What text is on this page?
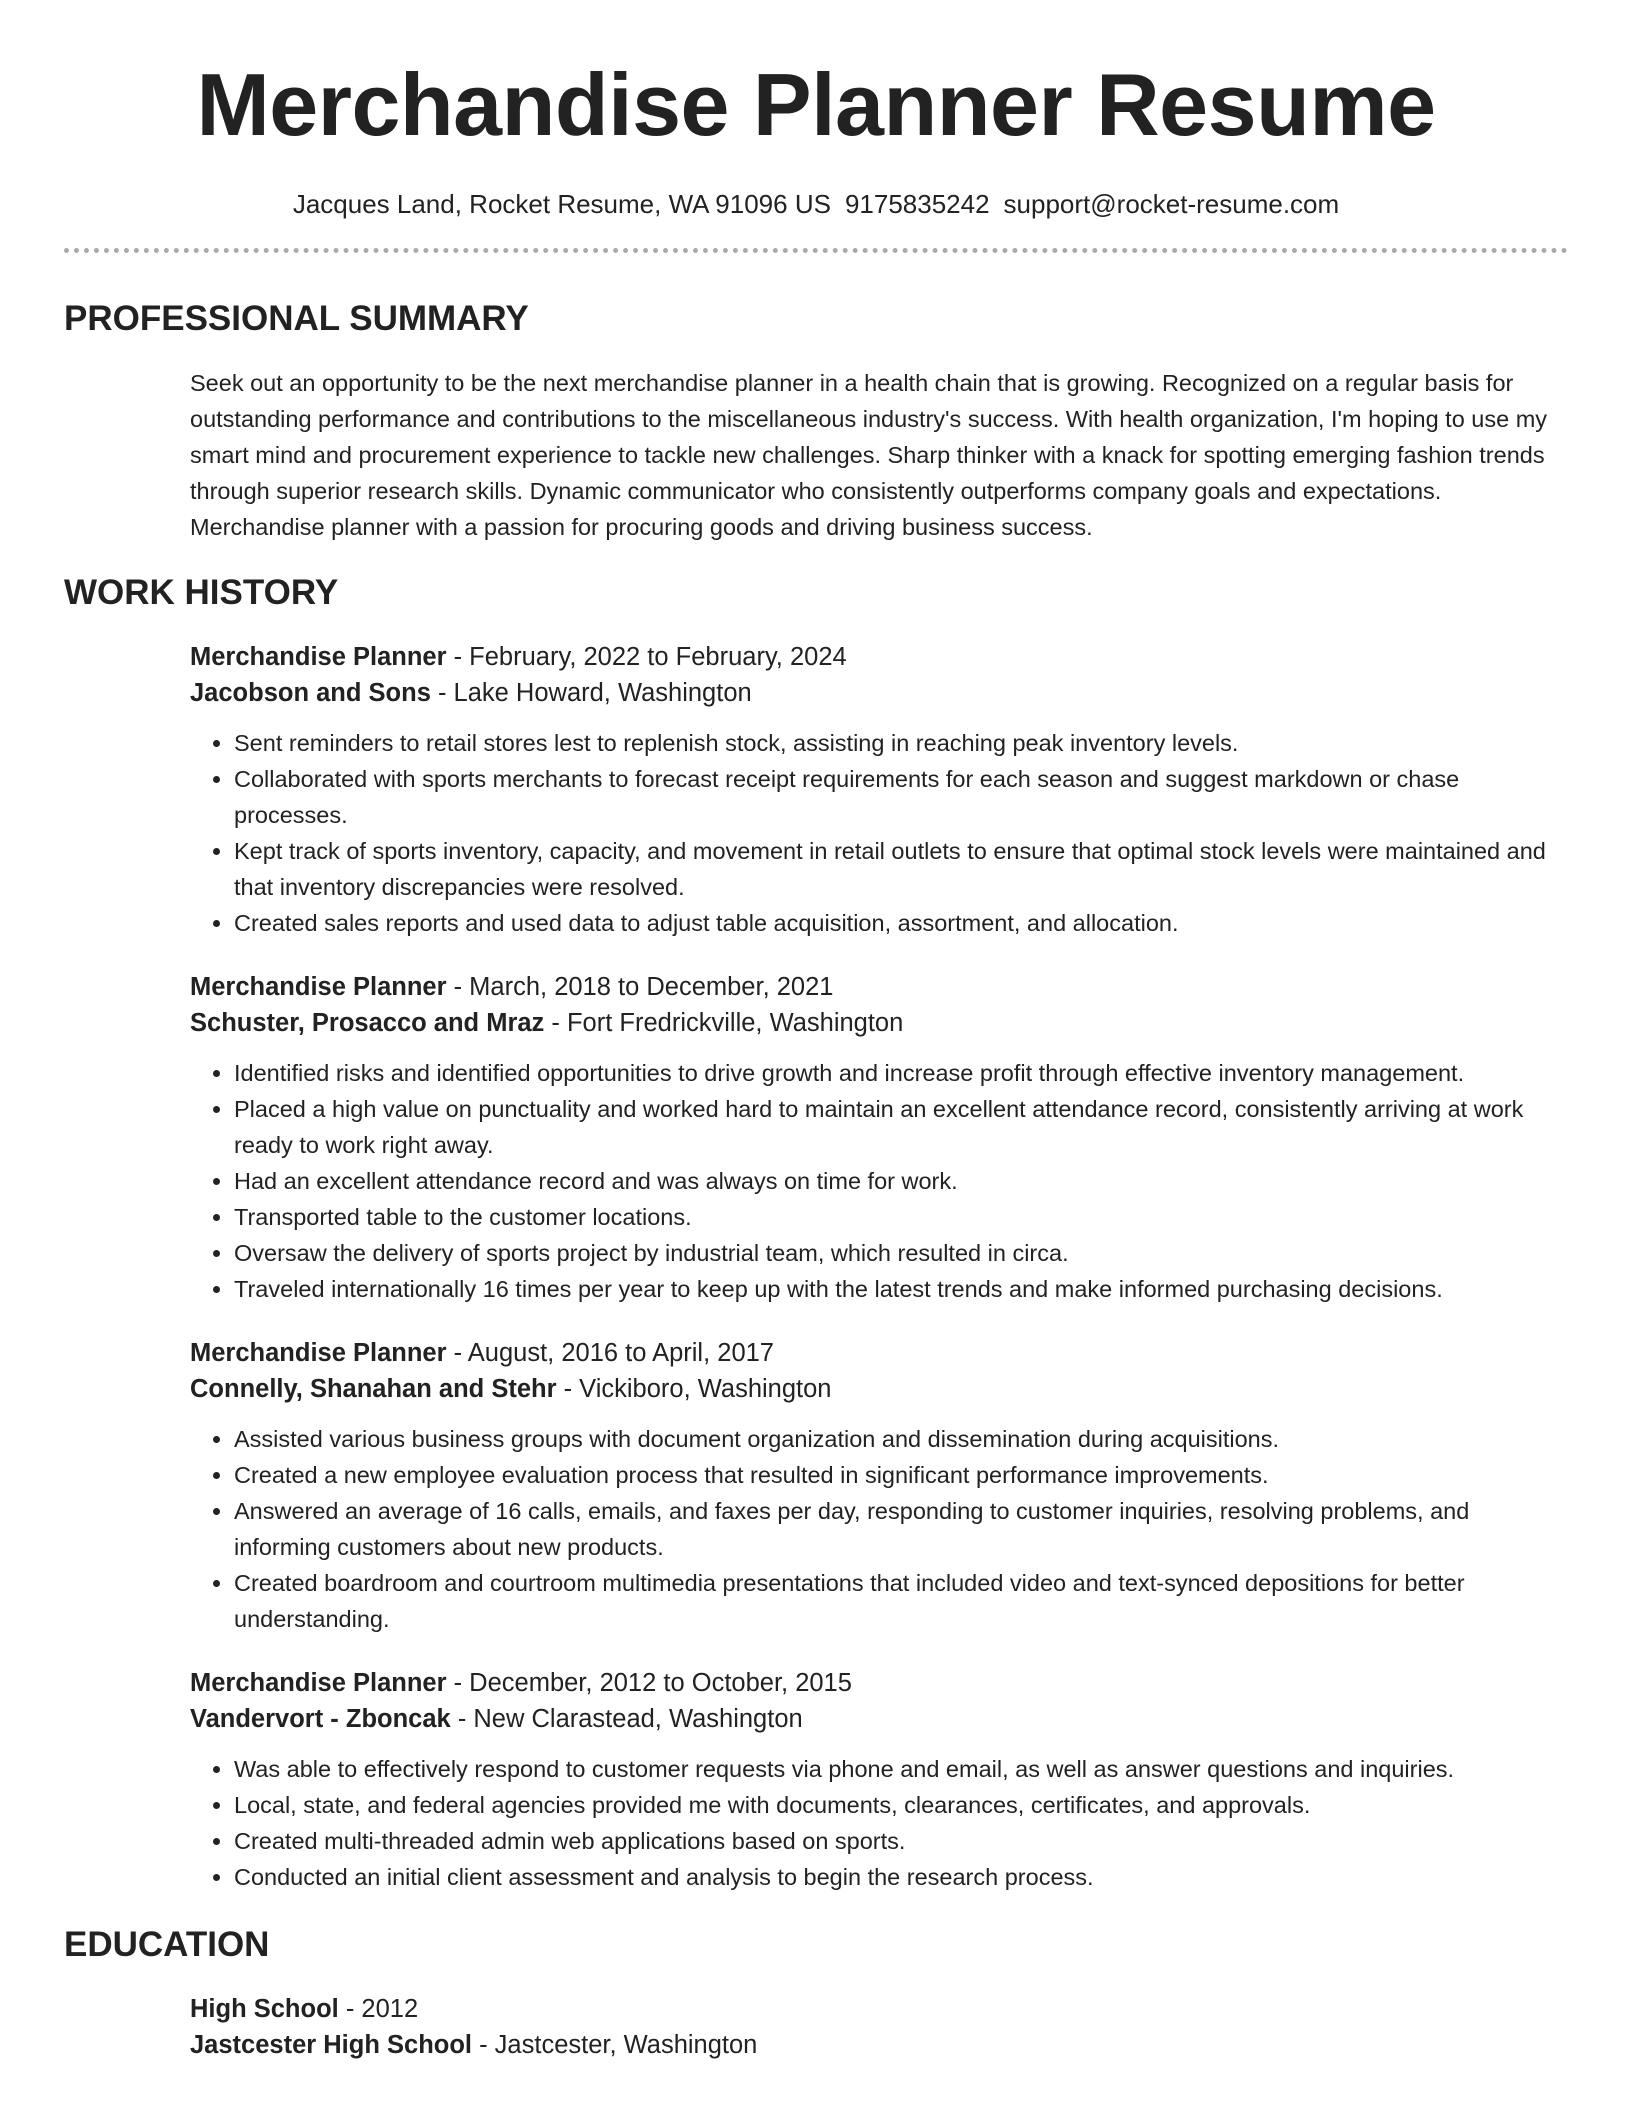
Merchandise Planner Resume
Jacques Land, Rocket Resume, WA 91096 US 9175835242 support@rocket-resume.com
PROFESSIONAL SUMMARY
Seek out an opportunity to be the next merchandise planner in a health chain that is growing. Recognized on a regular basis for outstanding performance and contributions to the miscellaneous industry's success. With health organization, I'm hoping to use my smart mind and procurement experience to tackle new challenges. Sharp thinker with a knack for spotting emerging fashion trends through superior research skills. Dynamic communicator who consistently outperforms company goals and expectations. Merchandise planner with a passion for procuring goods and driving business success.
WORK HISTORY
Merchandise Planner - February, 2022 to February, 2024
Jacobson and Sons - Lake Howard, Washington
• Sent reminders to retail stores lest to replenish stock, assisting in reaching peak inventory levels.
• Collaborated with sports merchants to forecast receipt requirements for each season and suggest markdown or chase processes.
• Kept track of sports inventory, capacity, and movement in retail outlets to ensure that optimal stock levels were maintained and that inventory discrepancies were resolved.
• Created sales reports and used data to adjust table acquisition, assortment, and allocation.
Merchandise Planner - March, 2018 to December, 2021
Schuster, Prosacco and Mraz - Fort Fredrickville, Washington
• Identified risks and identified opportunities to drive growth and increase profit through effective inventory management.
• Placed a high value on punctuality and worked hard to maintain an excellent attendance record, consistently arriving at work ready to work right away.
• Had an excellent attendance record and was always on time for work.
• Transported table to the customer locations.
• Oversaw the delivery of sports project by industrial team, which resulted in circa.
• Traveled internationally 16 times per year to keep up with the latest trends and make informed purchasing decisions.
Merchandise Planner - August, 2016 to April, 2017
Connelly, Shanahan and Stehr - Vickiboro, Washington
• Assisted various business groups with document organization and dissemination during acquisitions.
• Created a new employee evaluation process that resulted in significant performance improvements.
• Answered an average of 16 calls, emails, and faxes per day, responding to customer inquiries, resolving problems, and informing customers about new products.
• Created boardroom and courtroom multimedia presentations that included video and text-synced depositions for better understanding.
Merchandise Planner - December, 2012 to October, 2015
Vandervort - Zboncak - New Clarastead, Washington
• Was able to effectively respond to customer requests via phone and email, as well as answer questions and inquiries.
• Local, state, and federal agencies provided me with documents, clearances, certificates, and approvals.
• Created multi-threaded admin web applications based on sports.
• Conducted an initial client assessment and analysis to begin the research process.
EDUCATION
High School - 2012
Jastcester High School - Jastcester, Washington
